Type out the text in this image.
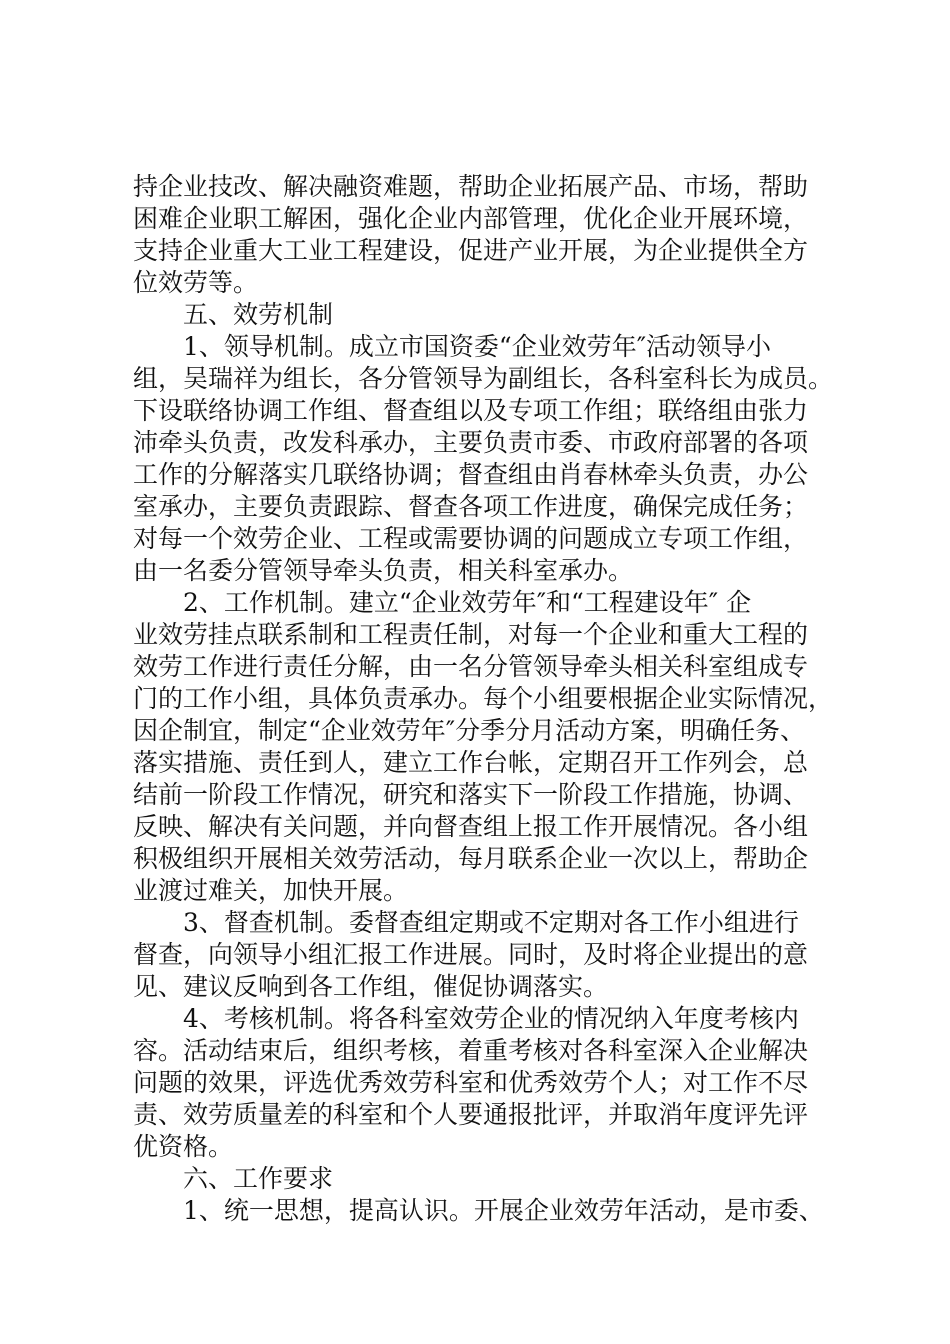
持企业技改、解决融资难题，帮助企业拓展产品、市场，帮助
困难企业职工解困，强化企业内部管理，优化企业开展环境，
支持企业重大工业工程建设，促进产业开展，为企业提供全方
位效劳等。
五、效劳机制
1、领导机制。成立市国资委“企业效劳年″活动领导小
组，吴瑞祥为组长，各分管领导为副组长，各科室科长为成员。
下设联络协调工作组、督查组以及专项工作组；联络组由张力
沛牵头负责，改发科承办，主要负责市委、市政府部署的各项
工作的分解落实几联络协调；督查组由肖春林牵头负责，办公
室承办，主要负责跟踪、督查各项工作进度，确保完成任务；
对每一个效劳企业、工程或需要协调的问题成立专项工作组，
由一名委分管领导牵头负责，相关科室承办。
2、工作机制。建立“企业效劳年″和“工程建设年″ 企
业效劳挂点联系制和工程责任制，对每一个企业和重大工程的
效劳工作进行责任分解，由一名分管领导牵头相关科室组成专
门的工作小组，具体负责承办。每个小组要根据企业实际情况，
因企制宜，制定“企业效劳年″分季分月活动方案，明确任务、
落实措施、责任到人，建立工作台帐，定期召开工作列会，总
结前一阶段工作情况，研究和落实下一阶段工作措施，协调、
反映、解决有关问题，并向督查组上报工作开展情况。各小组
积极组织开展相关效劳活动，每月联系企业一次以上，帮助企
业渡过难关，加快开展。
3、督查机制。委督查组定期或不定期对各工作小组进行
督查，向领导小组汇报工作进展。同时，及时将企业提出的意
见、建议反响到各工作组，催促协调落实。
4、考核机制。将各科室效劳企业的情况纳入年度考核内
容。活动结束后，组织考核，着重考核对各科室深入企业解决
问题的效果，评选优秀效劳科室和优秀效劳个人；对工作不尽
责、效劳质量差的科室和个人要通报批评，并取消年度评先评
优资格。
六、工作要求
1、统一思想，提高认识。开展企业效劳年活动，是市委、
